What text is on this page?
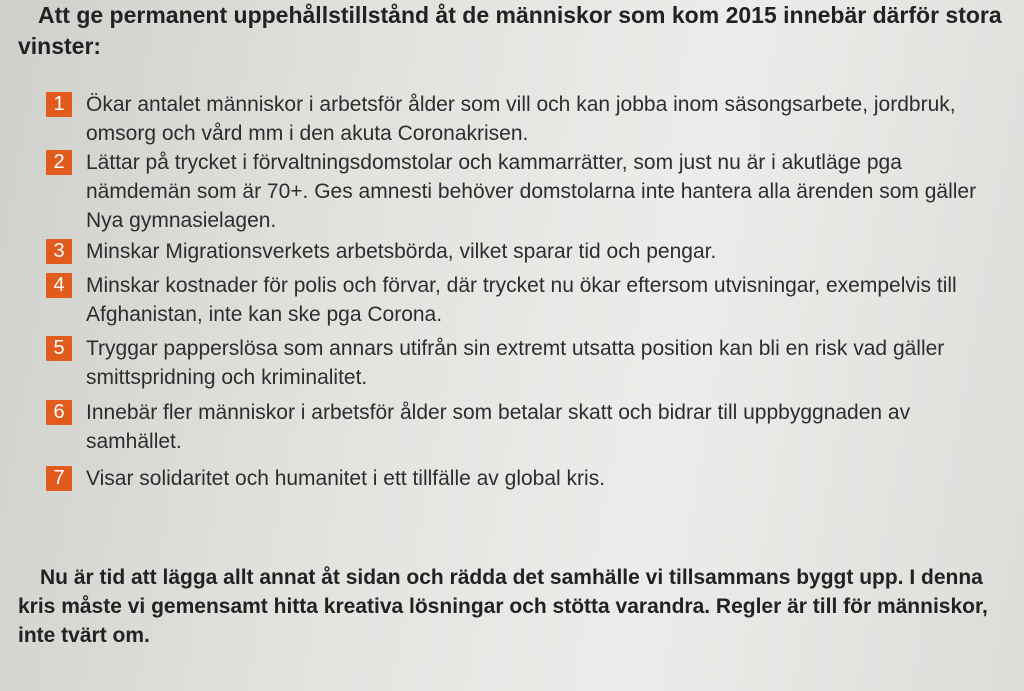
Att ge permanent uppehållstillstånd åt de människor som kom 2015 innebär därför stora vinster:

1	Ökar antalet människor i arbetsför ålder som vill och kan jobba inom säsongsarbete, jordbruk, omsorg och vård mm i den akuta Coronakrisen.
2	Lättar på trycket i förvaltningsdomstolar och kammarrätter, som just nu är i akutläge pga nämdemän som är 70+. Ges amnesti behöver domstolarna inte hantera alla ärenden som gäller Nya gymnasielagen.
3	Minskar Migrationsverkets arbetsbörda, vilket sparar tid och pengar.
4	Minskar kostnader för polis och förvar, där trycket nu ökar eftersom utvisningar, exempelvis till Afghanistan, inte kan ske pga Corona.
5	Tryggar papperslösa som annars utifrån sin extremt utsatta position kan bli en risk vad gäller smittspridning och kriminalitet.
6	Innebär fler människor i arbetsför ålder som betalar skatt och bidrar till uppbyggnaden av samhället.
7	Visar solidaritet och humanitet i ett tillfälle av global kris.

Nu är tid att lägga allt annat åt sidan och rädda det samhälle vi tillsammans byggt upp. I denna kris måste vi gemensamt hitta kreativa lösningar och stötta varandra. Regler är till för människor, inte tvärt om.
